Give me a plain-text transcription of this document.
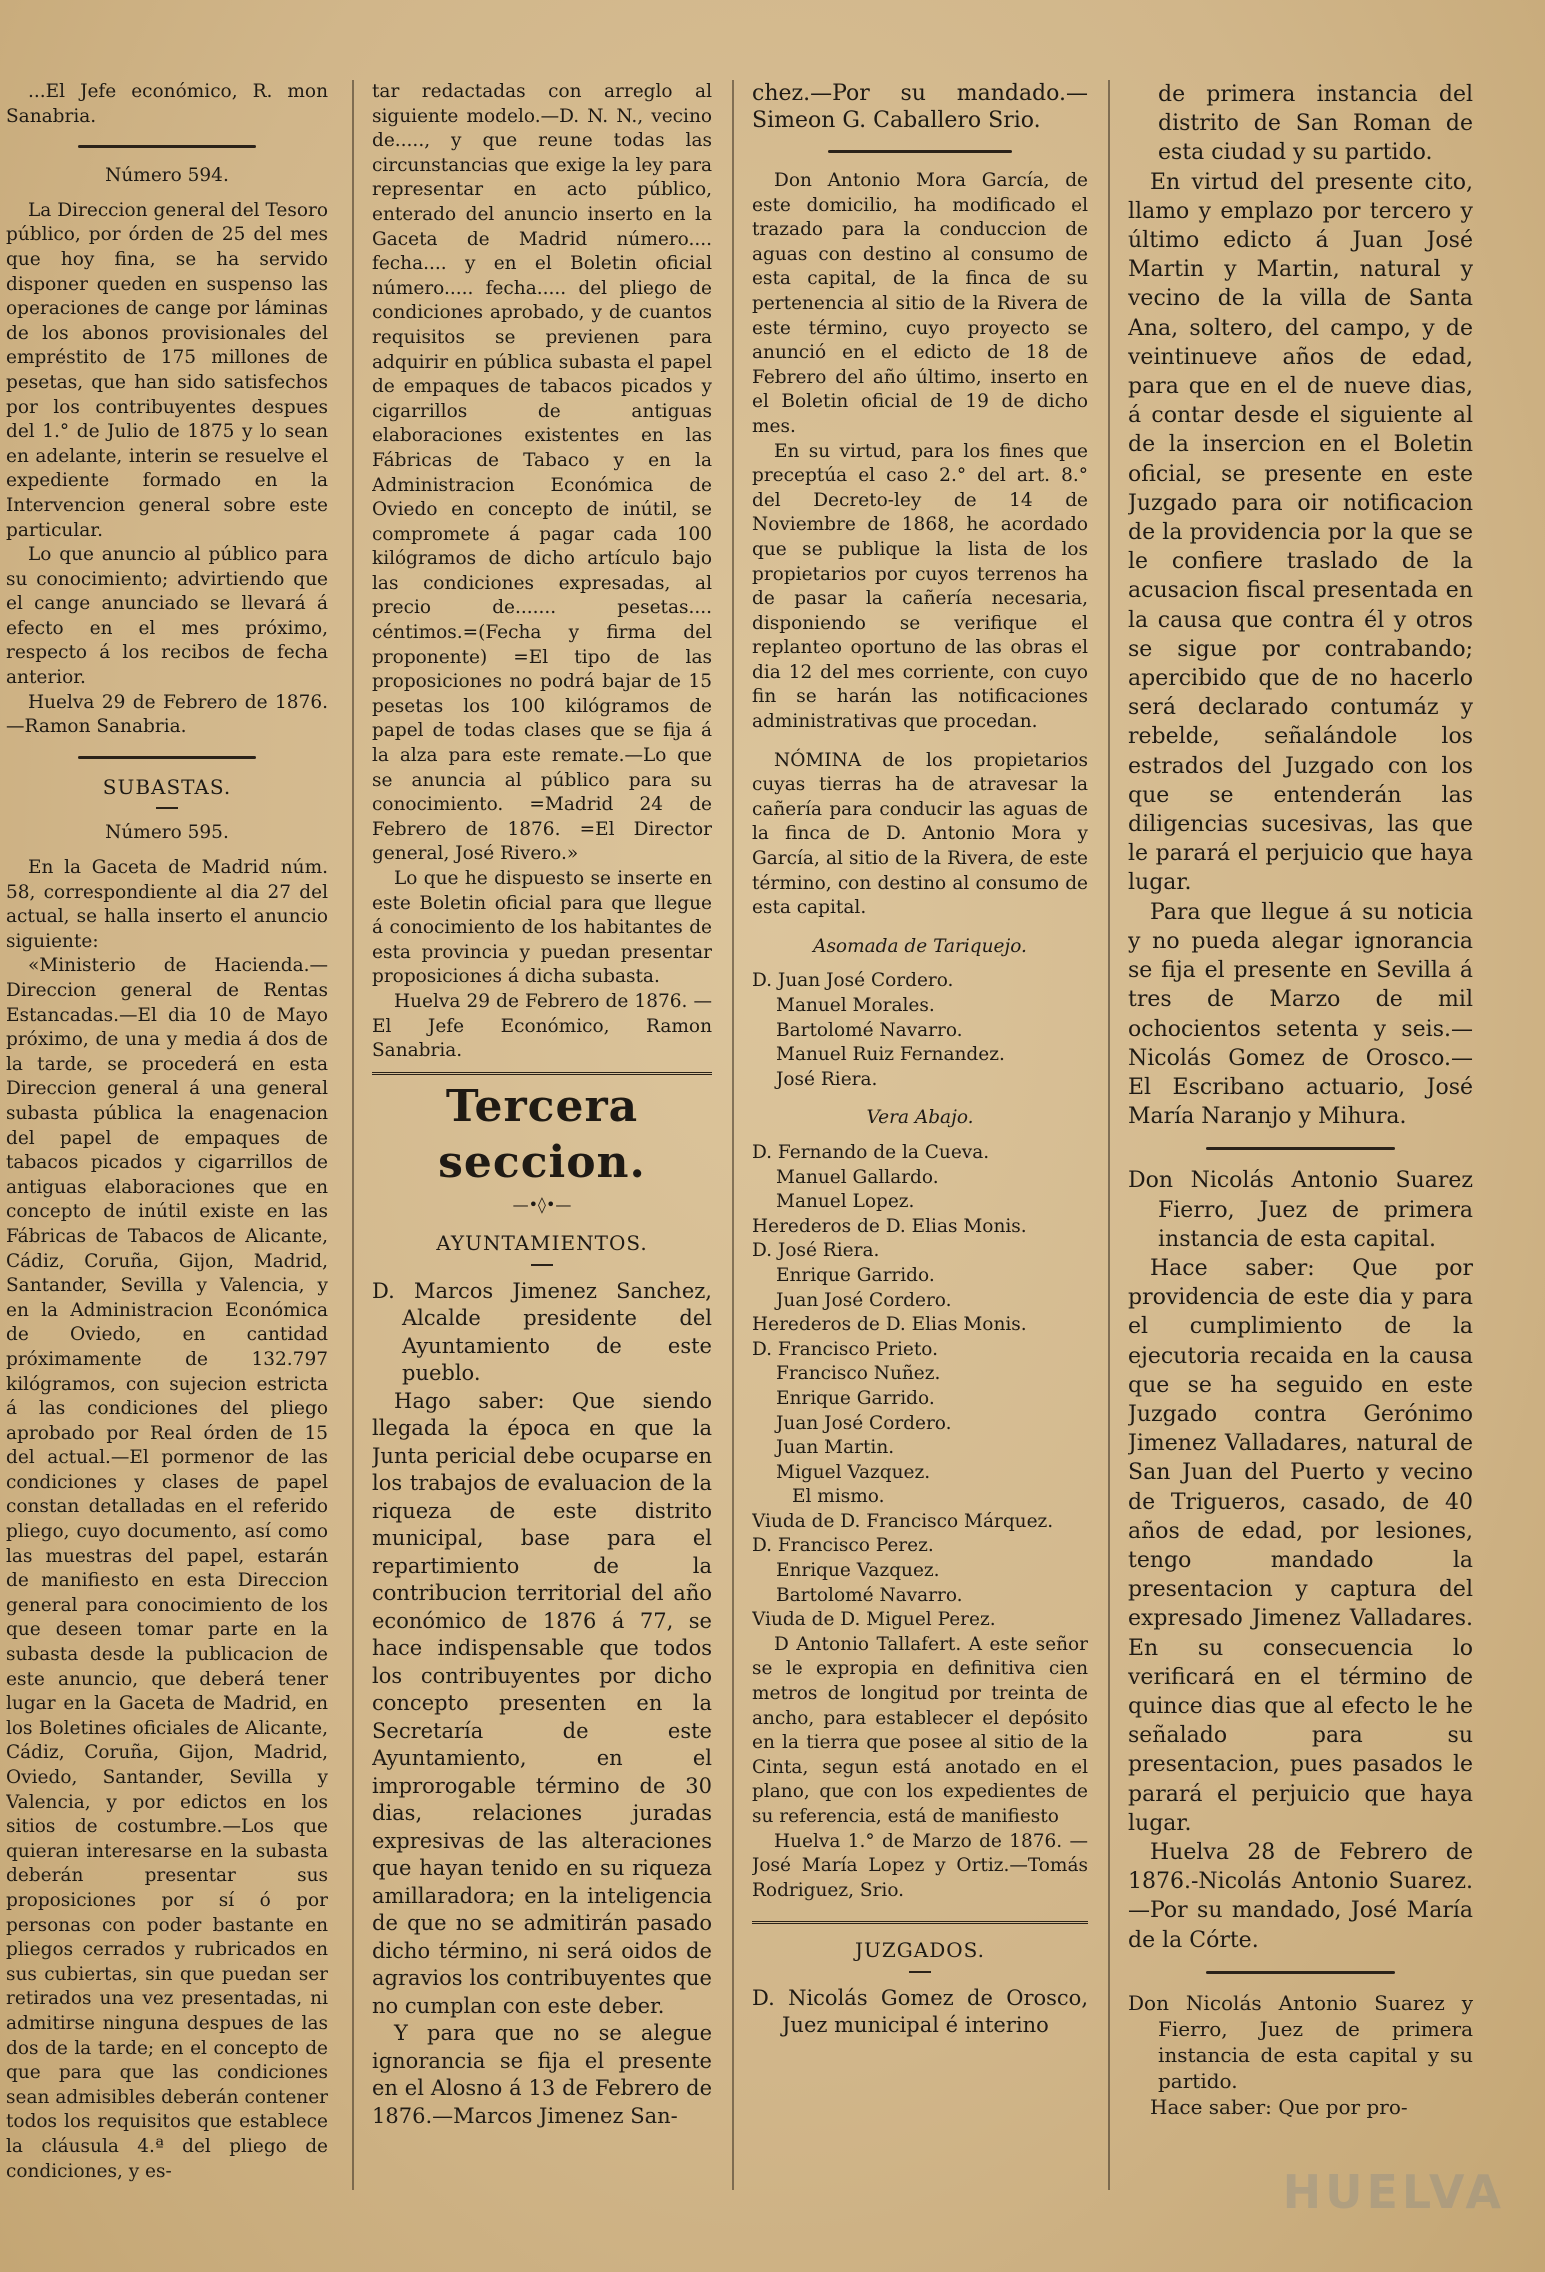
...El Jefe económico, R. mon Sanabria.

Número 594.

La Direccion general del Tesoro público, por órden de 25 del mes que hoy fina, se ha servido disponer queden en suspenso las operaciones de cange por láminas de los abonos provisionales del empréstito de 175 millones de pesetas, que han sido satisfechos por los contribuyentes despues del 1.° de Julio de 1875 y lo sean en adelante, interin se resuelve el expediente formado en la Intervencion general sobre este particular.

Lo que anuncio al público para su conocimiento; advirtiendo que el cange anunciado se llevará á efecto en el mes próximo, respecto á los recibos de fecha anterior.

Huelva 29 de Febrero de 1876. —Ramon Sanabria.

SUBASTAS.

Número 595.

En la Gaceta de Madrid núm. 58, correspondiente al dia 27 del actual, se halla inserto el anuncio siguiente:

«Ministerio de Hacienda.—Direccion general de Rentas Estancadas.—El dia 10 de Mayo próximo, de una y media á dos de la tarde, se procederá en esta Direccion general á una general subasta pública la enagenacion del papel de empaques de tabacos picados y cigarrillos de antiguas elaboraciones que en concepto de inútil existe en las Fábricas de Tabacos de Alicante, Cádiz, Coruña, Gijon, Madrid, Santander, Sevilla y Valencia, y en la Administracion Económica de Oviedo, en cantidad próximamente de 132.797 kilógramos, con sujecion estricta á las condiciones del pliego aprobado por Real órden de 15 del actual.—El pormenor de las condiciones y clases de papel constan detalladas en el referido pliego, cuyo documento, así como las muestras del papel, estarán de manifiesto en esta Direccion general para conocimiento de los que deseen tomar parte en la subasta desde la publicacion de este anuncio, que deberá tener lugar en la Gaceta de Madrid, en los Boletines oficiales de Alicante, Cádiz, Coruña, Gijon, Madrid, Oviedo, Santander, Sevilla y Valencia, y por edictos en los sitios de costumbre.—Los que quieran interesarse en la subasta deberán presentar sus proposiciones por sí ó por personas con poder bastante en pliegos cerrados y rubricados en sus cubiertas, sin que puedan ser retirados una vez presentadas, ni admitirse ninguna despues de las dos de la tarde; en el concepto de que para que las condiciones sean admisibles deberán contener todos los requisitos que establece la cláusula 4.ª del pliego de condiciones, y es-

tar redactadas con arreglo al siguiente modelo.—D. N. N., vecino de....., y que reune todas las circunstancias que exige la ley para representar en acto público, enterado del anuncio inserto en la Gaceta de Madrid número.... fecha.... y en el Boletin oficial número..... fecha..... del pliego de condiciones aprobado, y de cuantos requisitos se previenen para adquirir en pública subasta el papel de empaques de tabacos picados y cigarrillos de antiguas elaboraciones existentes en las Fábricas de Tabaco y en la Administracion Económica de Oviedo en concepto de inútil, se compromete á pagar cada 100 kilógramos de dicho artículo bajo las condiciones expresadas, al precio de....... pesetas.... céntimos.=(Fecha y firma del proponente) =El tipo de las proposiciones no podrá bajar de 15 pesetas los 100 kilógramos de papel de todas clases que se fija á la alza para este remate.—Lo que se anuncia al público para su conocimiento. =Madrid 24 de Febrero de 1876. =El Director general, José Rivero.»

Lo que he dispuesto se inserte en este Boletin oficial para que llegue á conocimiento de los habitantes de esta provincia y puedan presentar proposiciones á dicha subasta.

Huelva 29 de Febrero de 1876. —El Jefe Económico, Ramon Sanabria.

Tercera seccion.

—•◊•—

AYUNTAMIENTOS.

D. Marcos Jimenez Sanchez, Alcalde presidente del Ayuntamiento de este pueblo.

Hago saber: Que siendo llegada la época en que la Junta pericial debe ocuparse en los trabajos de evaluacion de la riqueza de este distrito municipal, base para el repartimiento de la contribucion territorial del año económico de 1876 á 77, se hace indispensable que todos los contribuyentes por dicho concepto presenten en la Secretaría de este Ayuntamiento, en el improrogable término de 30 dias, relaciones juradas expresivas de las alteraciones que hayan tenido en su riqueza amillaradora; en la inteligencia de que no se admitirán pasado dicho término, ni será oidos de agravios los contribuyentes que no cumplan con este deber.

Y para que no se alegue ignorancia se fija el presente en el Alosno á 13 de Febrero de 1876.—Marcos Jimenez San-

chez.—Por su mandado.— Simeon G. Caballero Srio.

Don Antonio Mora García, de este domicilio, ha modificado el trazado para la conduccion de aguas con destino al consumo de esta capital, de la finca de su pertenencia al sitio de la Rivera de este término, cuyo proyecto se anunció en el edicto de 18 de Febrero del año último, inserto en el Boletin oficial de 19 de dicho mes.

En su virtud, para los fines que preceptúa el caso 2.° del art. 8.° del Decreto-ley de 14 de Noviembre de 1868, he acordado que se publique la lista de los propietarios por cuyos terrenos ha de pasar la cañería necesaria, disponiendo se verifique el replanteo oportuno de las obras el dia 12 del mes corriente, con cuyo fin se harán las notificaciones administrativas que procedan.

NÓMINA de los propietarios cuyas tierras ha de atravesar la cañería para conducir las aguas de la finca de D. Antonio Mora y García, al sitio de la Rivera, de este término, con destino al consumo de esta capital.

Asomada de Tariquejo.

D. Juan José Cordero.

Manuel Morales.

Bartolomé Navarro.

Manuel Ruiz Fernandez.

José Riera.

Vera Abajo.

D. Fernando de la Cueva.

Manuel Gallardo.

Manuel Lopez.

Herederos de D. Elias Monis.

D. José Riera.

Enrique Garrido.

Juan José Cordero.

Herederos de D. Elias Monis.

D. Francisco Prieto.

Francisco Nuñez.

Enrique Garrido.

Juan José Cordero.

Juan Martin.

Miguel Vazquez.

El mismo.

Viuda de D. Francisco Márquez.

D. Francisco Perez.

Enrique Vazquez.

Bartolomé Navarro.

Viuda de D. Miguel Perez.

D Antonio Tallafert. A este señor se le expropia en definitiva cien metros de longitud por treinta de ancho, para establecer el depósito en la tierra que posee al sitio de la Cinta, segun está anotado en el plano, que con los expedientes de su referencia, está de manifiesto

Huelva 1.° de Marzo de 1876. —José María Lopez y Ortiz.—Tomás Rodriguez, Srio.

JUZGADOS.

D. Nicolás Gomez de Orosco, Juez municipal é interino

de primera instancia del distrito de San Roman de esta ciudad y su partido.

En virtud del presente cito, llamo y emplazo por tercero y último edicto á Juan José Martin y Martin, natural y vecino de la villa de Santa Ana, soltero, del campo, y de veintinueve años de edad, para que en el de nueve dias, á contar desde el siguiente al de la insercion en el Boletin oficial, se presente en este Juzgado para oir notificacion de la providencia por la que se le confiere traslado de la acusacion fiscal presentada en la causa que contra él y otros se sigue por contrabando; apercibido que de no hacerlo será declarado contumáz y rebelde, señalándole los estrados del Juzgado con los que se entenderán las diligencias sucesivas, las que le parará el perjuicio que haya lugar.

Para que llegue á su noticia y no pueda alegar ignorancia se fija el presente en Sevilla á tres de Marzo de mil ochocientos setenta y seis.— Nicolás Gomez de Orosco.— El Escribano actuario, José María Naranjo y Mihura.

Don Nicolás Antonio Suarez Fierro, Juez de primera instancia de esta capital.

Hace saber: Que por providencia de este dia y para el cumplimiento de la ejecutoria recaida en la causa que se ha seguido en este Juzgado contra Gerónimo Jimenez Valladares, natural de San Juan del Puerto y vecino de Trigueros, casado, de 40 años de edad, por lesiones, tengo mandado la presentacion y captura del expresado Jimenez Valladares. En su consecuencia lo verificará en el término de quince dias que al efecto le he señalado para su presentacion, pues pasados le parará el perjuicio que haya lugar.

Huelva 28 de Febrero de 1876.-Nicolás Antonio Suarez.—Por su mandado, José María de la Córte.

Don Nicolás Antonio Suarez y Fierro, Juez de primera instancia de esta capital y su partido.

Hace saber: Que por pro-

HUELVA
